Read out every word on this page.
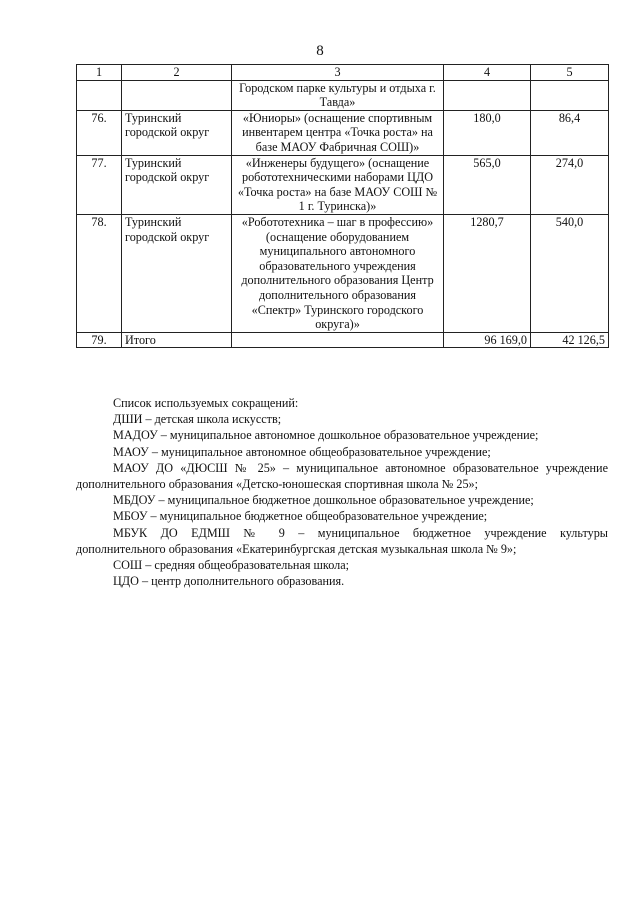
8
1	2	3	4	5
		Городском парке культуры и отдыха г. Тавда»		
76.	Туринский городской округ	«Юниоры» (оснащение спортивным инвентарем центра «Точка роста» на базе МАОУ Фабричная СОШ)»	180,0	86,4
77.	Туринский городской округ	«Инженеры будущего» (оснащение робототехническими наборами ЦДО «Точка роста» на базе МАОУ СОШ № 1 г. Туринска)»	565,0	274,0
78.	Туринский городской округ	«Робототехника – шаг в профессию» (оснащение оборудованием муниципального автономного образовательного учреждения дополнительного образования Центр дополнительного образования «Спектр» Туринского городского округа)»	1280,7	540,0
79.	Итого		96 169,0	42 126,5

Список используемых сокращений:

ДШИ – детская школа искусств;

МАДОУ – муниципальное автономное дошкольное образовательное учреждение;

МАОУ – муниципальное автономное общеобразовательное учреждение;

МАОУ ДО «ДЮСШ № 25» – муниципальное автономное образовательное учреждение

дополнительного образования «Детско-юношеская спортивная школа № 25»;

МБДОУ – муниципальное бюджетное дошкольное образовательное учреждение;

МБОУ – муниципальное бюджетное общеобразовательное учреждение;

МБУК ДО ЕДМШ № 9 – муниципальное бюджетное учреждение культуры

дополнительного образования «Екатеринбургская детская музыкальная школа № 9»;

СОШ – средняя общеобразовательная школа;

ЦДО – центр дополнительного образования.
